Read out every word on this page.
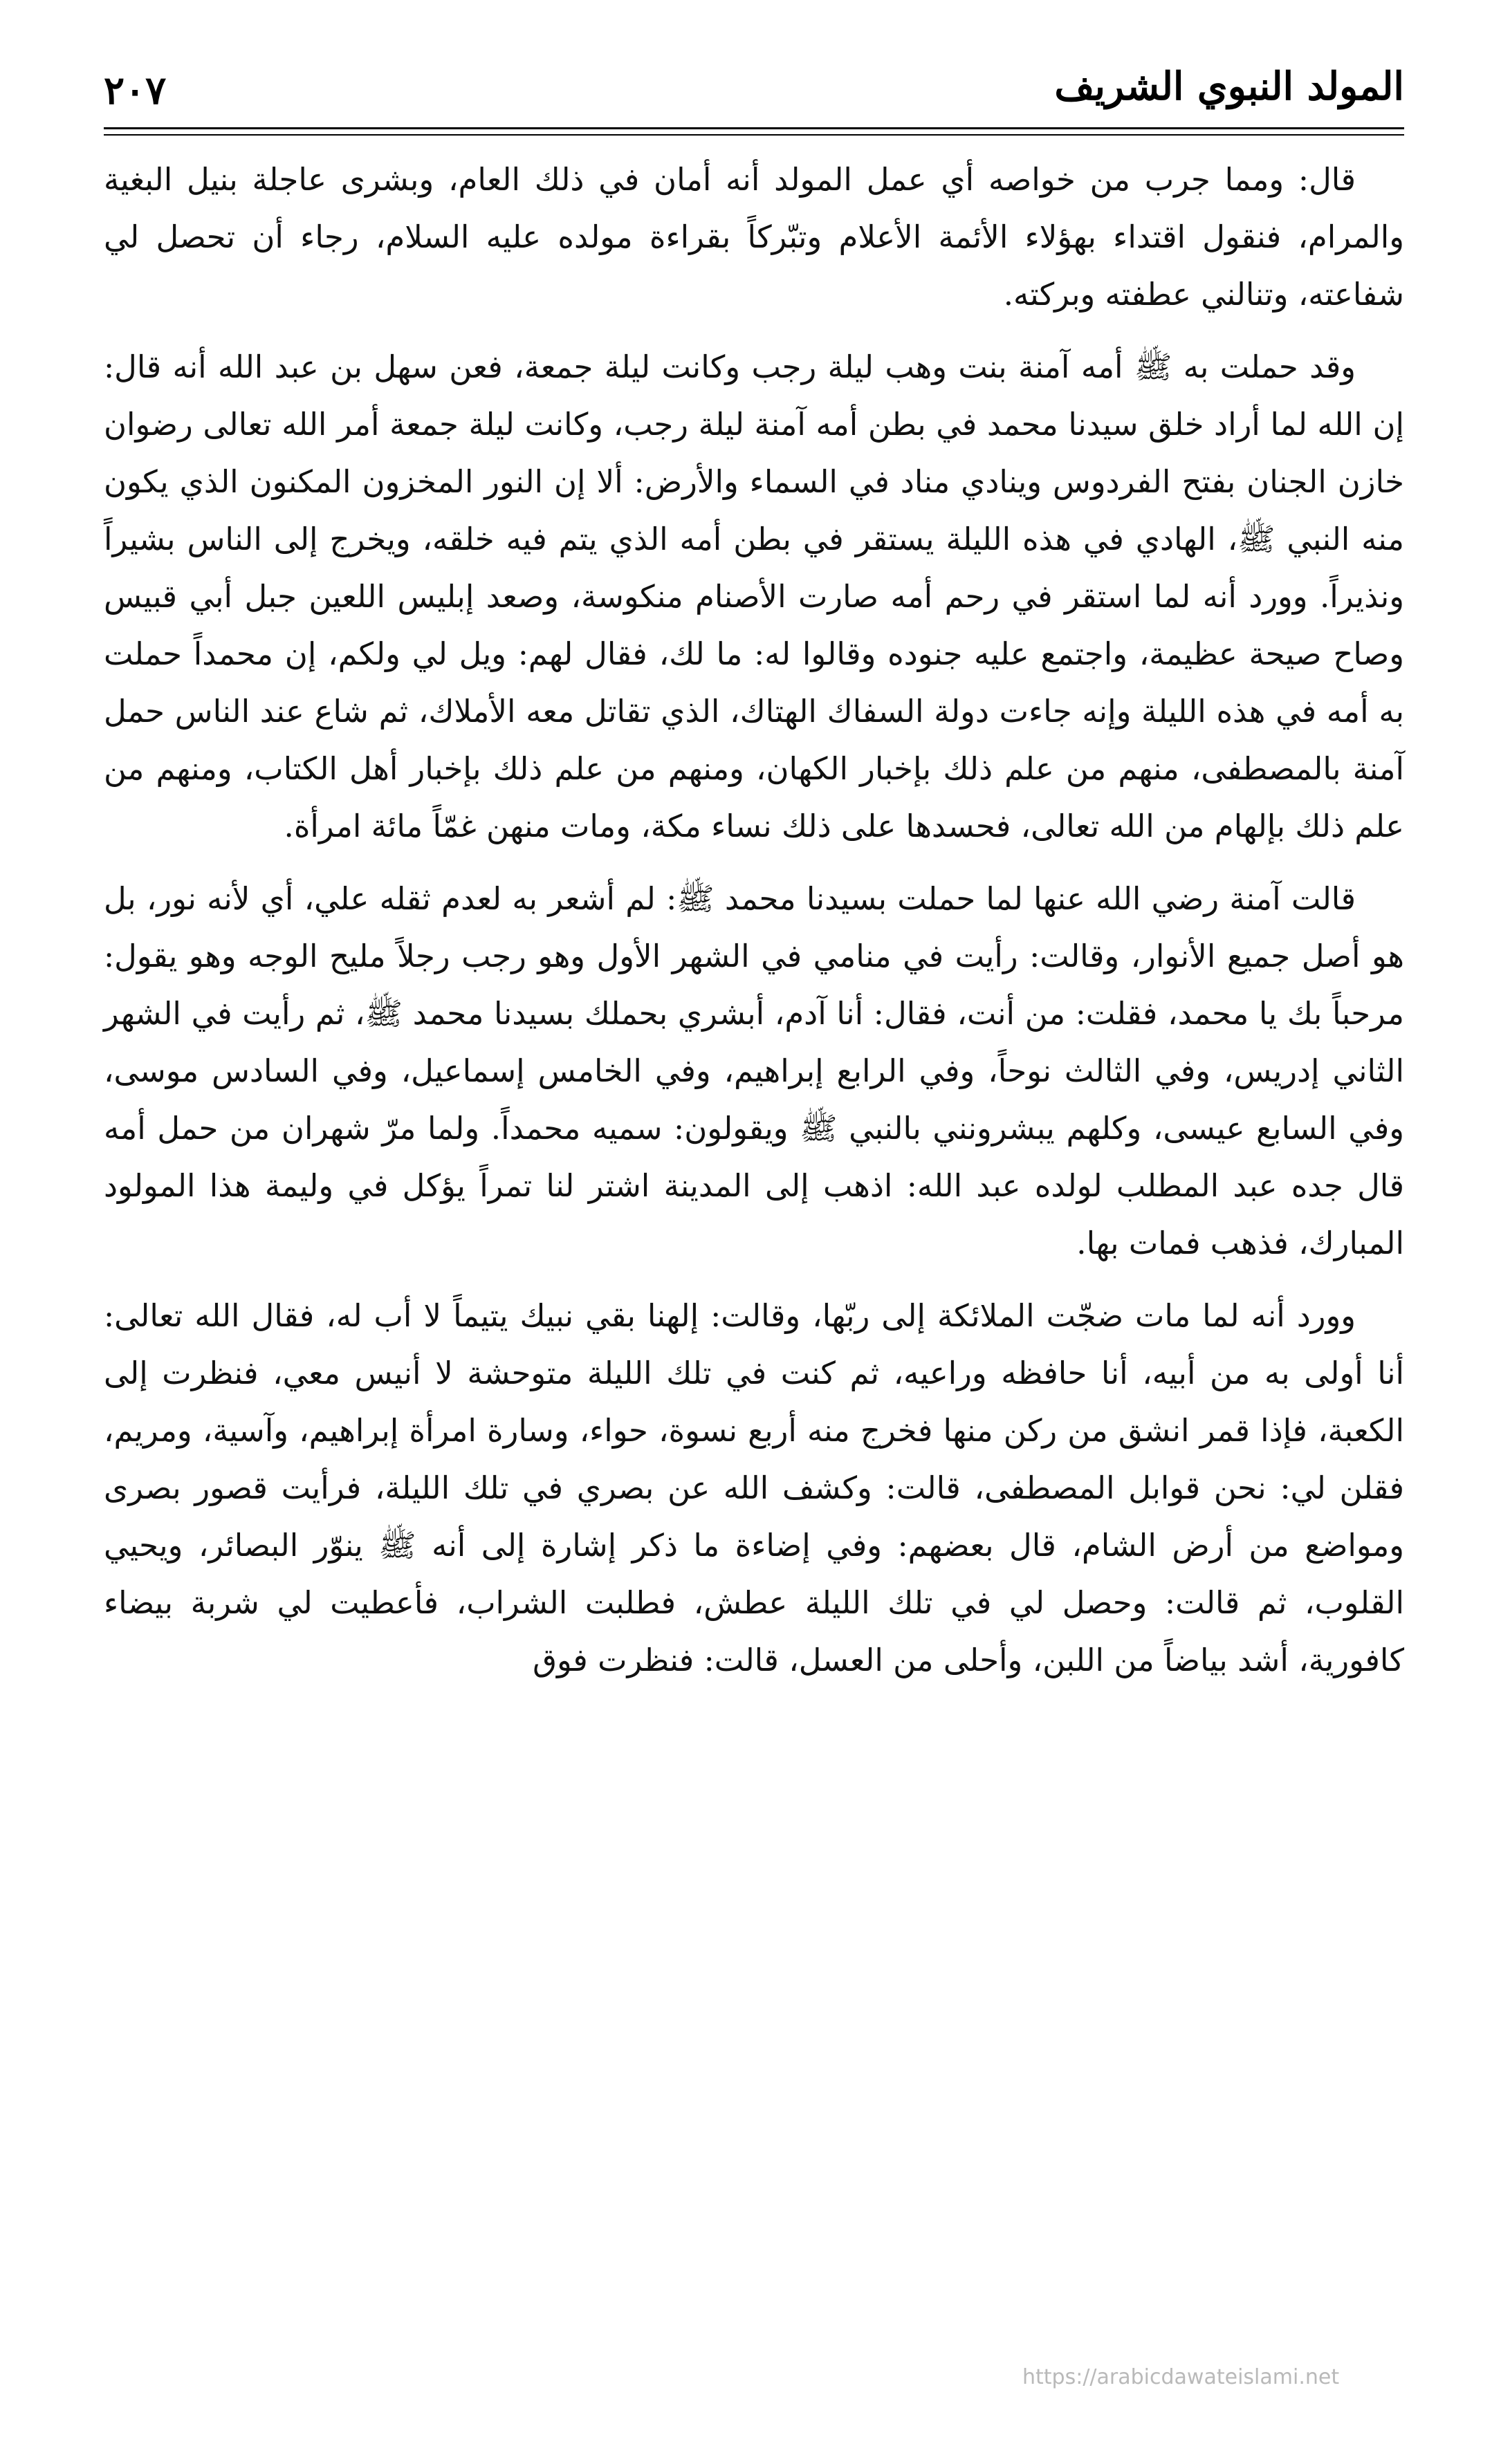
المولد النبوي الشريف
٢٠٧

قال: ومما جرب من خواصه أي عمل المولد أنه أمان في ذلك العام، وبشرى عاجلة بنيل البغية والمرام، فنقول اقتداء بهؤلاء الأئمة الأعلام وتبّركاً بقراءة مولده عليه السلام، رجاء أن تحصل لي شفاعته، وتنالني عطفته وبركته.

وقد حملت به ﷺ أمه آمنة بنت وهب ليلة رجب وكانت ليلة جمعة، فعن سهل بن عبد الله أنه قال: إن الله لما أراد خلق سيدنا محمد في بطن أمه آمنة ليلة رجب، وكانت ليلة جمعة أمر الله تعالى رضوان خازن الجنان بفتح الفردوس وينادي مناد في السماء والأرض: ألا إن النور المخزون المكنون الذي يكون منه النبي ﷺ، الهادي في هذه الليلة يستقر في بطن أمه الذي يتم فيه خلقه، ويخرج إلى الناس بشيراً ونذيراً. وورد أنه لما استقر في رحم أمه صارت الأصنام منكوسة، وصعد إبليس اللعين جبل أبي قبيس وصاح صيحة عظيمة، واجتمع عليه جنوده وقالوا له: ما لك، فقال لهم: ويل لي ولكم، إن محمداً حملت به أمه في هذه الليلة وإنه جاءت دولة السفاك الهتاك، الذي تقاتل معه الأملاك، ثم شاع عند الناس حمل آمنة بالمصطفى، منهم من علم ذلك بإخبار الكهان، ومنهم من علم ذلك بإخبار أهل الكتاب، ومنهم من علم ذلك بإلهام من الله تعالى، فحسدها على ذلك نساء مكة، ومات منهن غمّاً مائة امرأة.

قالت آمنة رضي الله عنها لما حملت بسيدنا محمد ﷺ: لم أشعر به لعدم ثقله علي، أي لأنه نور، بل هو أصل جميع الأنوار، وقالت: رأيت في منامي في الشهر الأول وهو رجب رجلاً مليح الوجه وهو يقول: مرحباً بك يا محمد، فقلت: من أنت، فقال: أنا آدم، أبشري بحملك بسيدنا محمد ﷺ، ثم رأيت في الشهر الثاني إدريس، وفي الثالث نوحاً، وفي الرابع إبراهيم، وفي الخامس إسماعيل، وفي السادس موسى، وفي السابع عيسى، وكلهم يبشرونني بالنبي ﷺ ويقولون: سميه محمداً. ولما مرّ شهران من حمل أمه قال جده عبد المطلب لولده عبد الله: اذهب إلى المدينة اشتر لنا تمراً يؤكل في وليمة هذا المولود المبارك، فذهب فمات بها.

وورد أنه لما مات ضجّت الملائكة إلى ربّها، وقالت: إلهنا بقي نبيك يتيماً لا أب له، فقال الله تعالى: أنا أولى به من أبيه، أنا حافظه وراعيه، ثم كنت في تلك الليلة متوحشة لا أنيس معي، فنظرت إلى الكعبة، فإذا قمر انشق من ركن منها فخرج منه أربع نسوة، حواء، وسارة امرأة إبراهيم، وآسية، ومريم، فقلن لي: نحن قوابل المصطفى، قالت: وكشف الله عن بصري في تلك الليلة، فرأيت قصور بصرى ومواضع من أرض الشام، قال بعضهم: وفي إضاءة ما ذكر إشارة إلى أنه ﷺ ينوّر البصائر، ويحيي القلوب، ثم قالت: وحصل لي في تلك الليلة عطش، فطلبت الشراب، فأعطيت لي شربة بيضاء كافورية، أشد بياضاً من اللبن، وأحلى من العسل، قالت: فنظرت فوق

https://arabicdawateislami.net
